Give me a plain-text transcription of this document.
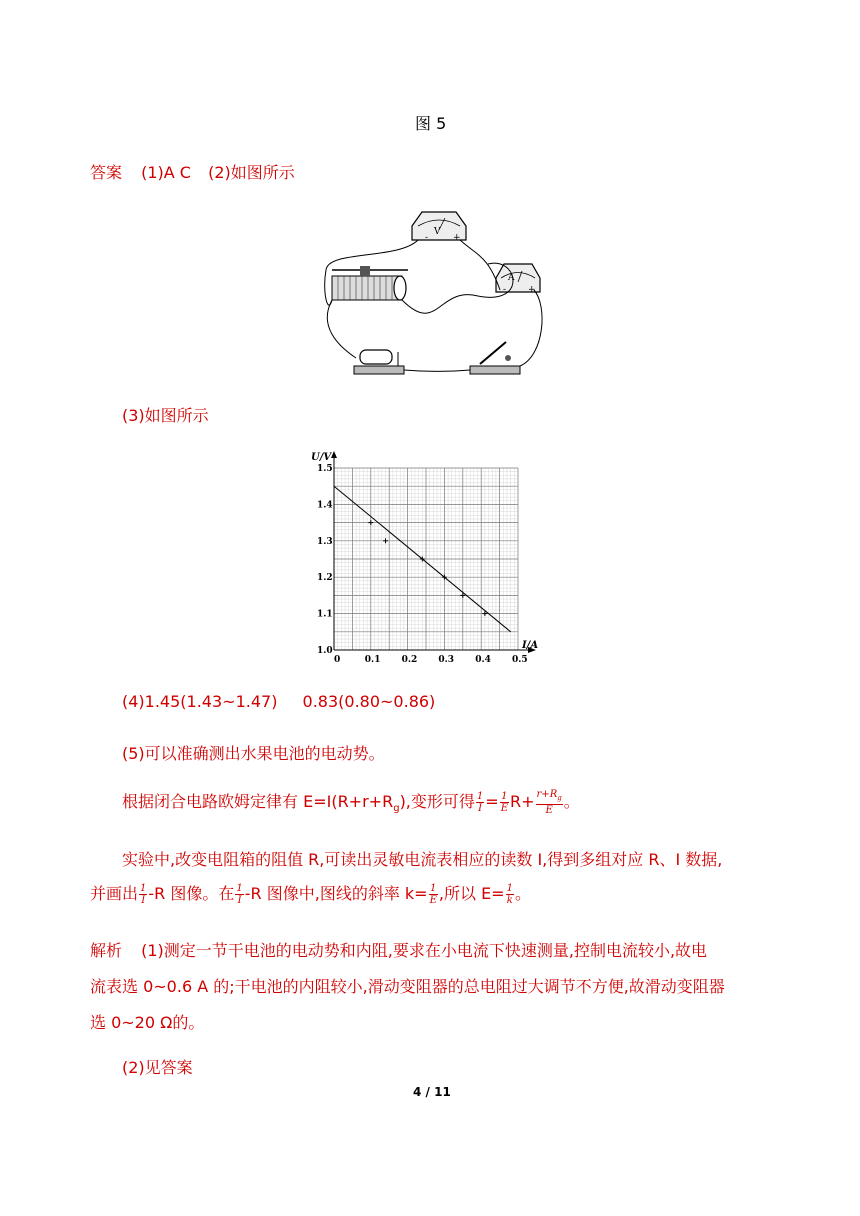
图 5
答案 (1)A C (2)如图所示
V
-	+
A
- +
(3)如图所示
0	0.1 0.2 0.3 0.4 0.5
1.0
1.1
1.2
1.3
1.4
1.5
U/V
I/A
(4)1.45(1.43~1.47) 0.83(0.80~0.86)
(5)可以准确测出水果电池的电动势。
根据闭合电路欧姆定律有 $E=I(R+r+R_g)$,变形可得 $\frac{1}{I} = \frac{1}{E} R+ \frac{r+R_g}{E}$ 。
实验中,改变电阻箱的阻值 R,可读出灵敏电流表相应的读数 I,得到多组对应 R、I 数据,
并画出 $\frac{1}{I} -R$ 图像。在 $\frac{1}{I} -R$ 图像中,图线的斜率 $k= \frac{1}{E}$ ,所以 $E= \frac{1}{k}$ 。
解析 (1)测定一节干电池的电动势和内阻,要求在小电流下快速测量,控制电流较小,故电
流表选 0~0.6 A 的;干电池的内阻较小,滑动变阻器的总电阻过大调节不方便,故滑动变阻器
选 0~20 Ω的。
(2)见答案
4 / 11
